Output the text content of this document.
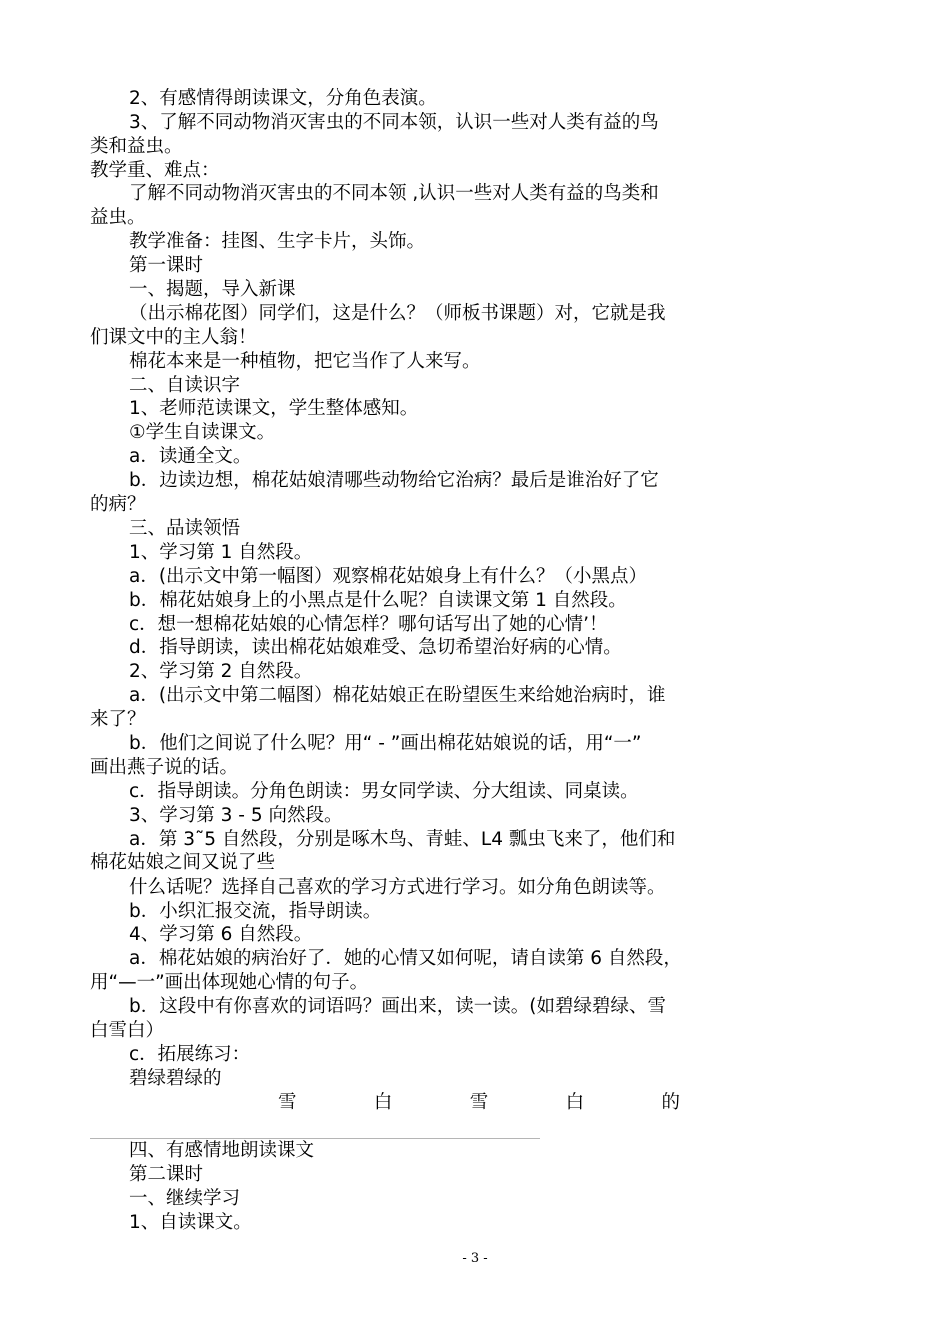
2、有感情得朗读课文，分角色表演。
3、了解不同动物消灭害虫的不同本领，认识一些对人类有益的鸟
类和益虫。
教学重、难点：
了解不同动物消灭害虫的不同本领 ,认识一些对人类有益的鸟类和
益虫。
教学准备：挂图、生字卡片，头饰。
第一课时
一、揭题，导入新课
（出示棉花图）同学们，这是什么？（师板书课题）对，它就是我
们课文中的主人翁！
棉花本来是一种植物，把它当作了人来写。
二、自读识字
1、老师范读课文，学生整体感知。
①学生自读课文。
a．读通全文。
b．边读边想，棉花姑娘清哪些动物给它治病？最后是谁治好了它
的病？
三、品读领悟
1、学习第 1 自然段。
a．(出示文中第一幅图）观察棉花姑娘身上有什么？（小黑点）
b．棉花姑娘身上的小黑点是什么呢？自读课文第 1 自然段。
c．想一想棉花姑娘的心情怎样？哪句话写出了她的心情’！
d．指导朗读，读出棉花姑娘难受、急切希望治好病的心情。
2、学习第 2 自然段。
a．(出示文中第二幅图）棉花姑娘正在盼望医生来给她治病时，谁
来了？
b．他们之间说了什么呢？用“ - ”画出棉花姑娘说的话，用“一”
画出燕子说的话。
c．指导朗读。分角色朗读：男女同学读、分大组读、同桌读。
3、学习第 3 - 5 向然段。
a．第 3˜5 自然段，分别是啄木鸟、青蛙、L4 瓢虫飞来了，他们和
棉花姑娘之间又说了些
什么话呢？选择自己喜欢的学习方式进行学习。如分角色朗读等。
b．小织汇报交流，指导朗读。
4、学习第 6 自然段。
a．棉花姑娘的病治好了．她的心情又如何呢，请自读第 6 自然段，
用“—一”画出体现她心情的句子。
b．这段中有你喜欢的词语吗？画出来，读一读。(如碧绿碧绿、雪
白雪白）
c．拓展练习：
碧绿碧绿的
雪	白	雪	白	的
四、有感情地朗读课文
第二课时
一、继续学习
1、自读课文。
- 3 -
